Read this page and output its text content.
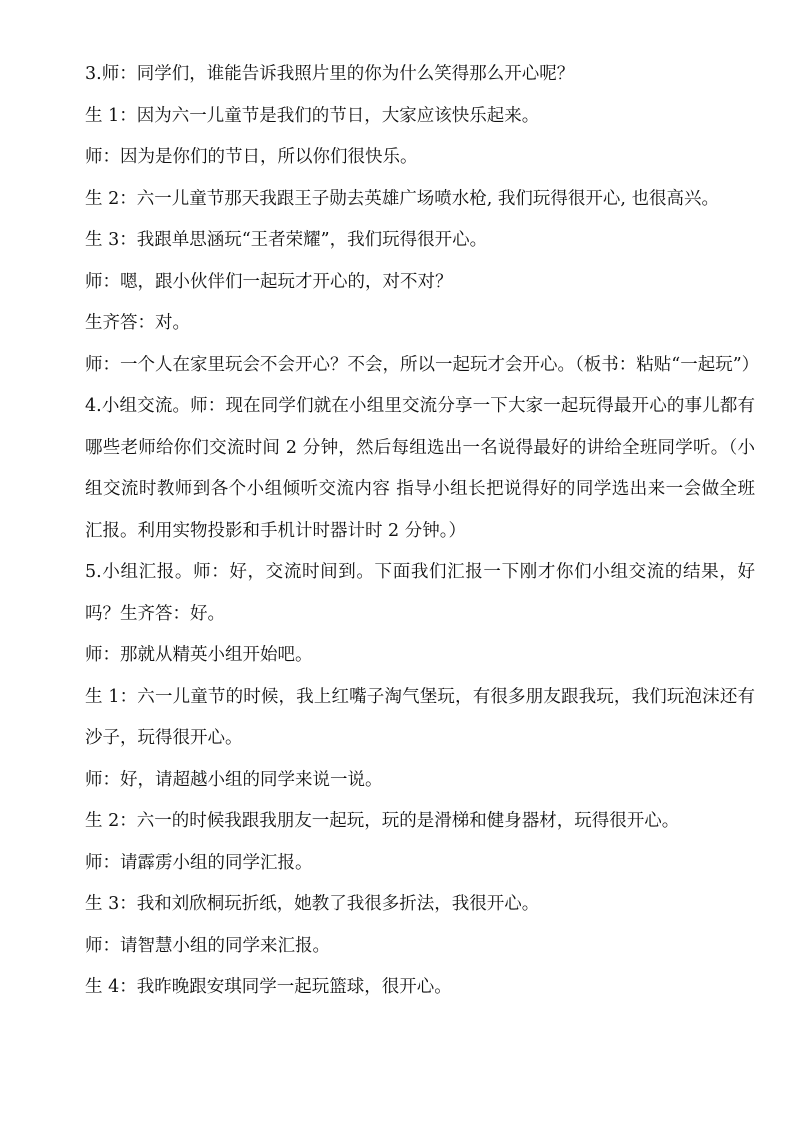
3.师：同学们，谁能告诉我照片里的你为什么笑得那么开心呢？

生 1：因为六一儿童节是我们的节日，大家应该快乐起来。

师：因为是你们的节日，所以你们很快乐。

生 2：六一儿童节那天我跟王子勋去英雄广场喷水枪, 我们玩得很开心, 也很高兴。

生 3：我跟单思涵玩“王者荣耀”，我们玩得很开心。

师：嗯，跟小伙伴们一起玩才开心的，对不对？

生齐答：对。

师：一个人在家里玩会不会开心？不会，所以一起玩才会开心。（板书：粘贴“一起玩”）

4.小组交流。师：现在同学们就在小组里交流分享一下大家一起玩得最开心的事儿都有哪些老师给你们交流时间 2 分钟，然后每组选出一名说得最好的讲给全班同学听。（小组交流时教师到各个小组倾听交流内容 指导小组长把说得好的同学选出来一会做全班汇报。利用实物投影和手机计时器计时 2 分钟。）

5.小组汇报。师：好，交流时间到。下面我们汇报一下刚才你们小组交流的结果，好吗？生齐答：好。

师：那就从精英小组开始吧。

生 1：六一儿童节的时候，我上红嘴子淘气堡玩，有很多朋友跟我玩，我们玩泡沫还有沙子，玩得很开心。

师：好，请超越小组的同学来说一说。

生 2：六一的时候我跟我朋友一起玩，玩的是滑梯和健身器材，玩得很开心。

师：请霹雳小组的同学汇报。

生 3：我和刘欣桐玩折纸，她教了我很多折法，我很开心。

师：请智慧小组的同学来汇报。

生 4：我昨晚跟安琪同学一起玩篮球，很开心。
